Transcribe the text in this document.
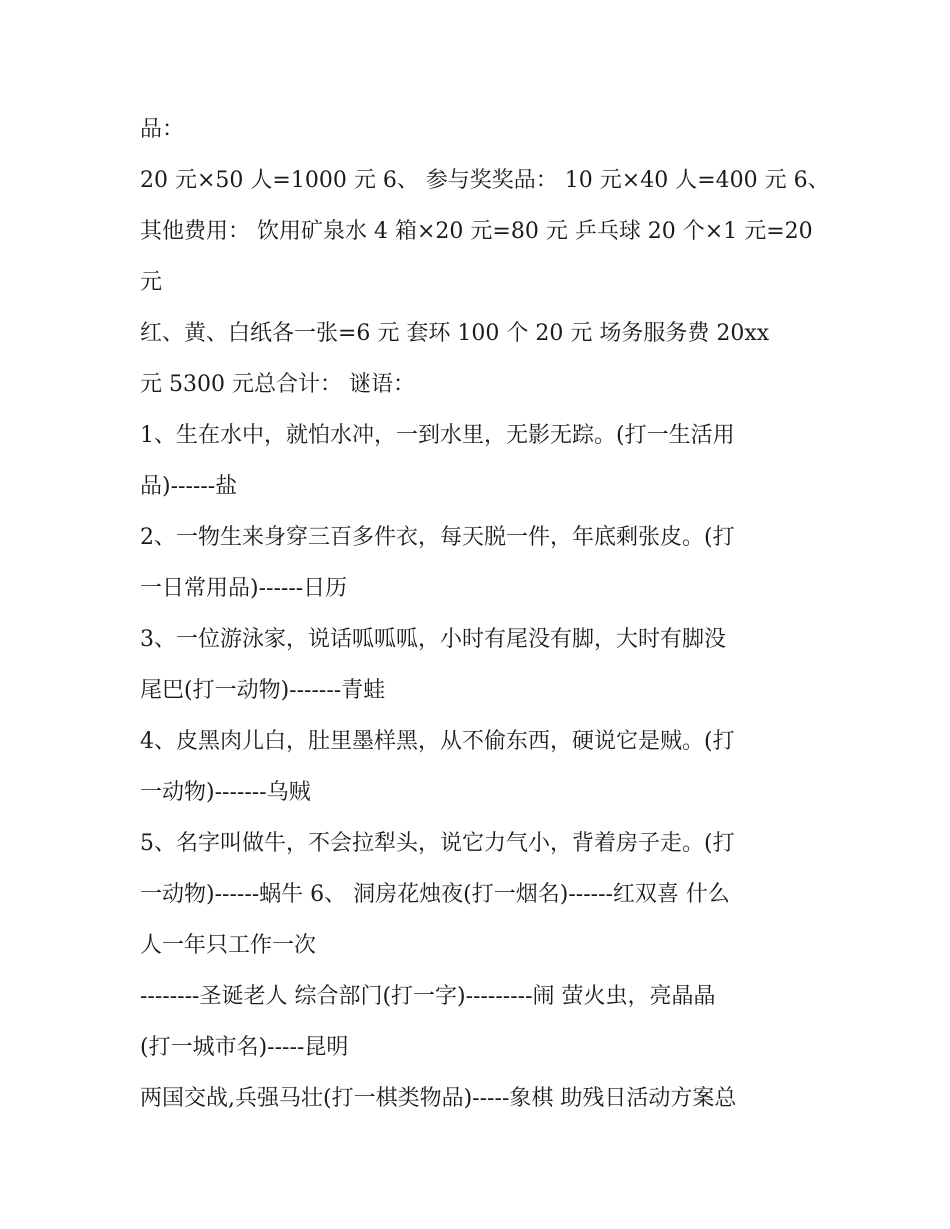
品：
20 元×50 人=1000 元 6、 参与奖奖品： 10 元×40 人=400 元 6、
其他费用： 饮用矿泉水 4 箱×20 元=80 元 乒乓球 20 个×1 元=20
元
红、黄、白纸各一张=6 元 套环 100 个 20 元 场务服务费 20xx
元 5300 元总合计： 谜语：
1、生在水中，就怕水冲，一到水里，无影无踪。(打一生活用
品)------盐
2、一物生来身穿三百多件衣，每天脱一件，年底剩张皮。(打
一日常用品)------日历
3、一位游泳家，说话呱呱呱，小时有尾没有脚，大时有脚没
尾巴(打一动物)-------青蛙
4、皮黑肉儿白，肚里墨样黑，从不偷东西，硬说它是贼。(打
一动物)-------乌贼
5、名字叫做牛，不会拉犁头，说它力气小，背着房子走。(打
一动物)------蜗牛 6、 洞房花烛夜(打一烟名)------红双喜 什么
人一年只工作一次
--------圣诞老人 综合部门(打一字)---------闹 萤火虫，亮晶晶
(打一城市名)-----昆明
两国交战,兵强马壮(打一棋类物品)-----象棋 助残日活动方案总
